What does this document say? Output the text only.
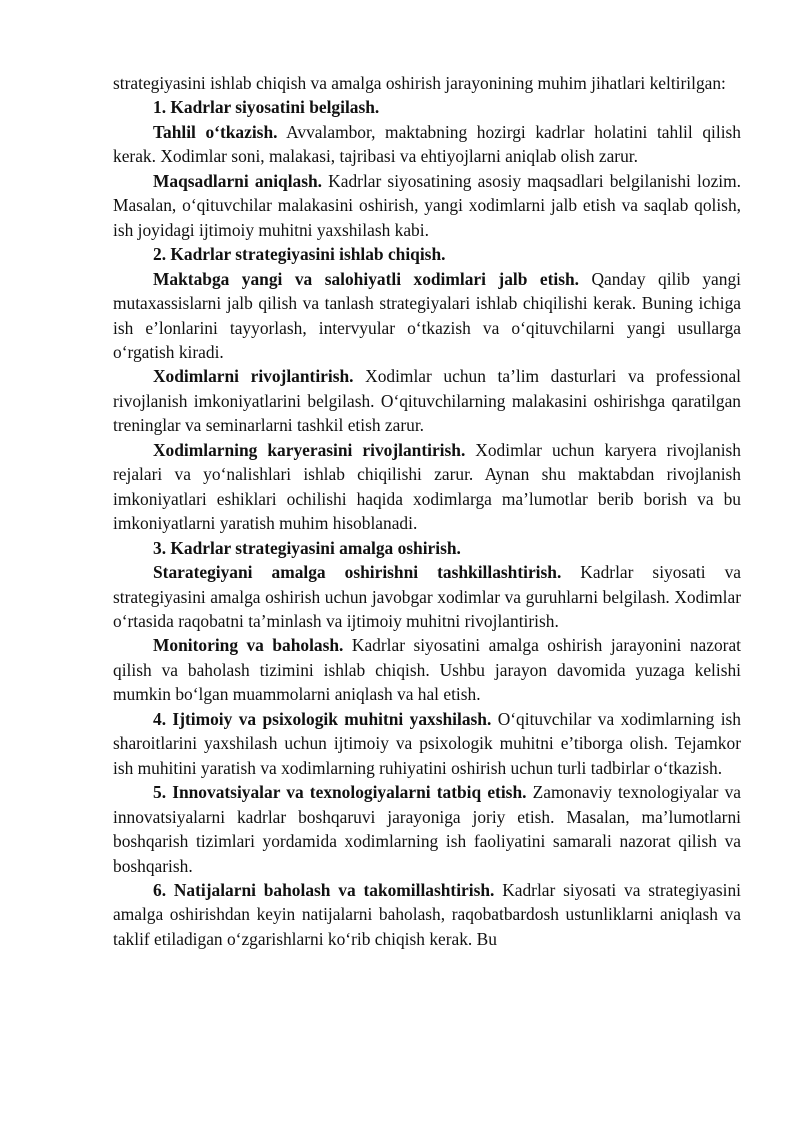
strategiyasini ishlab chiqish va amalga oshirish jarayonining muhim jihatlari keltirilgan:

1. Kadrlar siyosatini belgilash.

Tahlil o‘tkazish. Avvalambor, maktabning hozirgi kadrlar holatini tahlil qilish kerak. Xodimlar soni, malakasi, tajribasi va ehtiyojlarni aniqlab olish zarur.

Maqsadlarni aniqlash. Kadrlar siyosatining asosiy maqsadlari belgilanishi lozim. Masalan, o‘qituvchilar malakasini oshirish, yangi xodimlarni jalb etish va saqlab qolish, ish joyidagi ijtimoiy muhitni yaxshilash kabi.

2. Kadrlar strategiyasini ishlab chiqish.

Maktabga yangi va salohiyatli xodimlari jalb etish. Qanday qilib yangi mutaxassislarni jalb qilish va tanlash strategiyalari ishlab chiqilishi kerak. Buning ichiga ish e’lonlarini tayyorlash, intervyular o‘tkazish va o‘qituvchilarni yangi usullarga o‘rgatish kiradi.

Xodimlarni rivojlantirish. Xodimlar uchun ta’lim dasturlari va professional rivojlanish imkoniyatlarini belgilash. O‘qituvchilarning malakasini oshirishga qaratilgan treninglar va seminarlarni tashkil etish zarur.

Xodimlarning karyerasini rivojlantirish. Xodimlar uchun karyera rivojlanish rejalari va yo‘nalishlari ishlab chiqilishi zarur. Aynan shu maktabdan rivojlanish imkoniyatlari eshiklari ochilishi haqida xodimlarga ma’lumotlar berib borish va bu imkoniyatlarni yaratish muhim hisoblanadi.

3. Kadrlar strategiyasini amalga oshirish.

Starategiyani amalga oshirishni tashkillashtirish. Kadrlar siyosati va strategiyasini amalga oshirish uchun javobgar xodimlar va guruhlarni belgilash. Xodimlar o‘rtasida raqobatni ta’minlash va ijtimoiy muhitni rivojlantirish.

Monitoring va baholash. Kadrlar siyosatini amalga oshirish jarayonini nazorat qilish va baholash tizimini ishlab chiqish. Ushbu jarayon davomida yuzaga kelishi mumkin bo‘lgan muammolarni aniqlash va hal etish.

4. Ijtimoiy va psixologik muhitni yaxshilash. O‘qituvchilar va xodimlarning ish sharoitlarini yaxshilash uchun ijtimoiy va psixologik muhitni e’tiborga olish. Tejamkor ish muhitini yaratish va xodimlarning ruhiyatini oshirish uchun turli tadbirlar o‘tkazish.

5. Innovatsiyalar va texnologiyalarni tatbiq etish. Zamonaviy texnologiyalar va innovatsiyalarni kadrlar boshqaruvi jarayoniga joriy etish. Masalan, ma’lumotlarni boshqarish tizimlari yordamida xodimlarning ish faoliyatini samarali nazorat qilish va boshqarish.

6. Natijalarni baholash va takomillashtirish. Kadrlar siyosati va strategiyasini amalga oshirishdan keyin natijalarni baholash, raqobatbardosh ustunliklarni aniqlash va taklif etiladigan o‘zgarishlarni ko‘rib chiqish kerak. Bu
